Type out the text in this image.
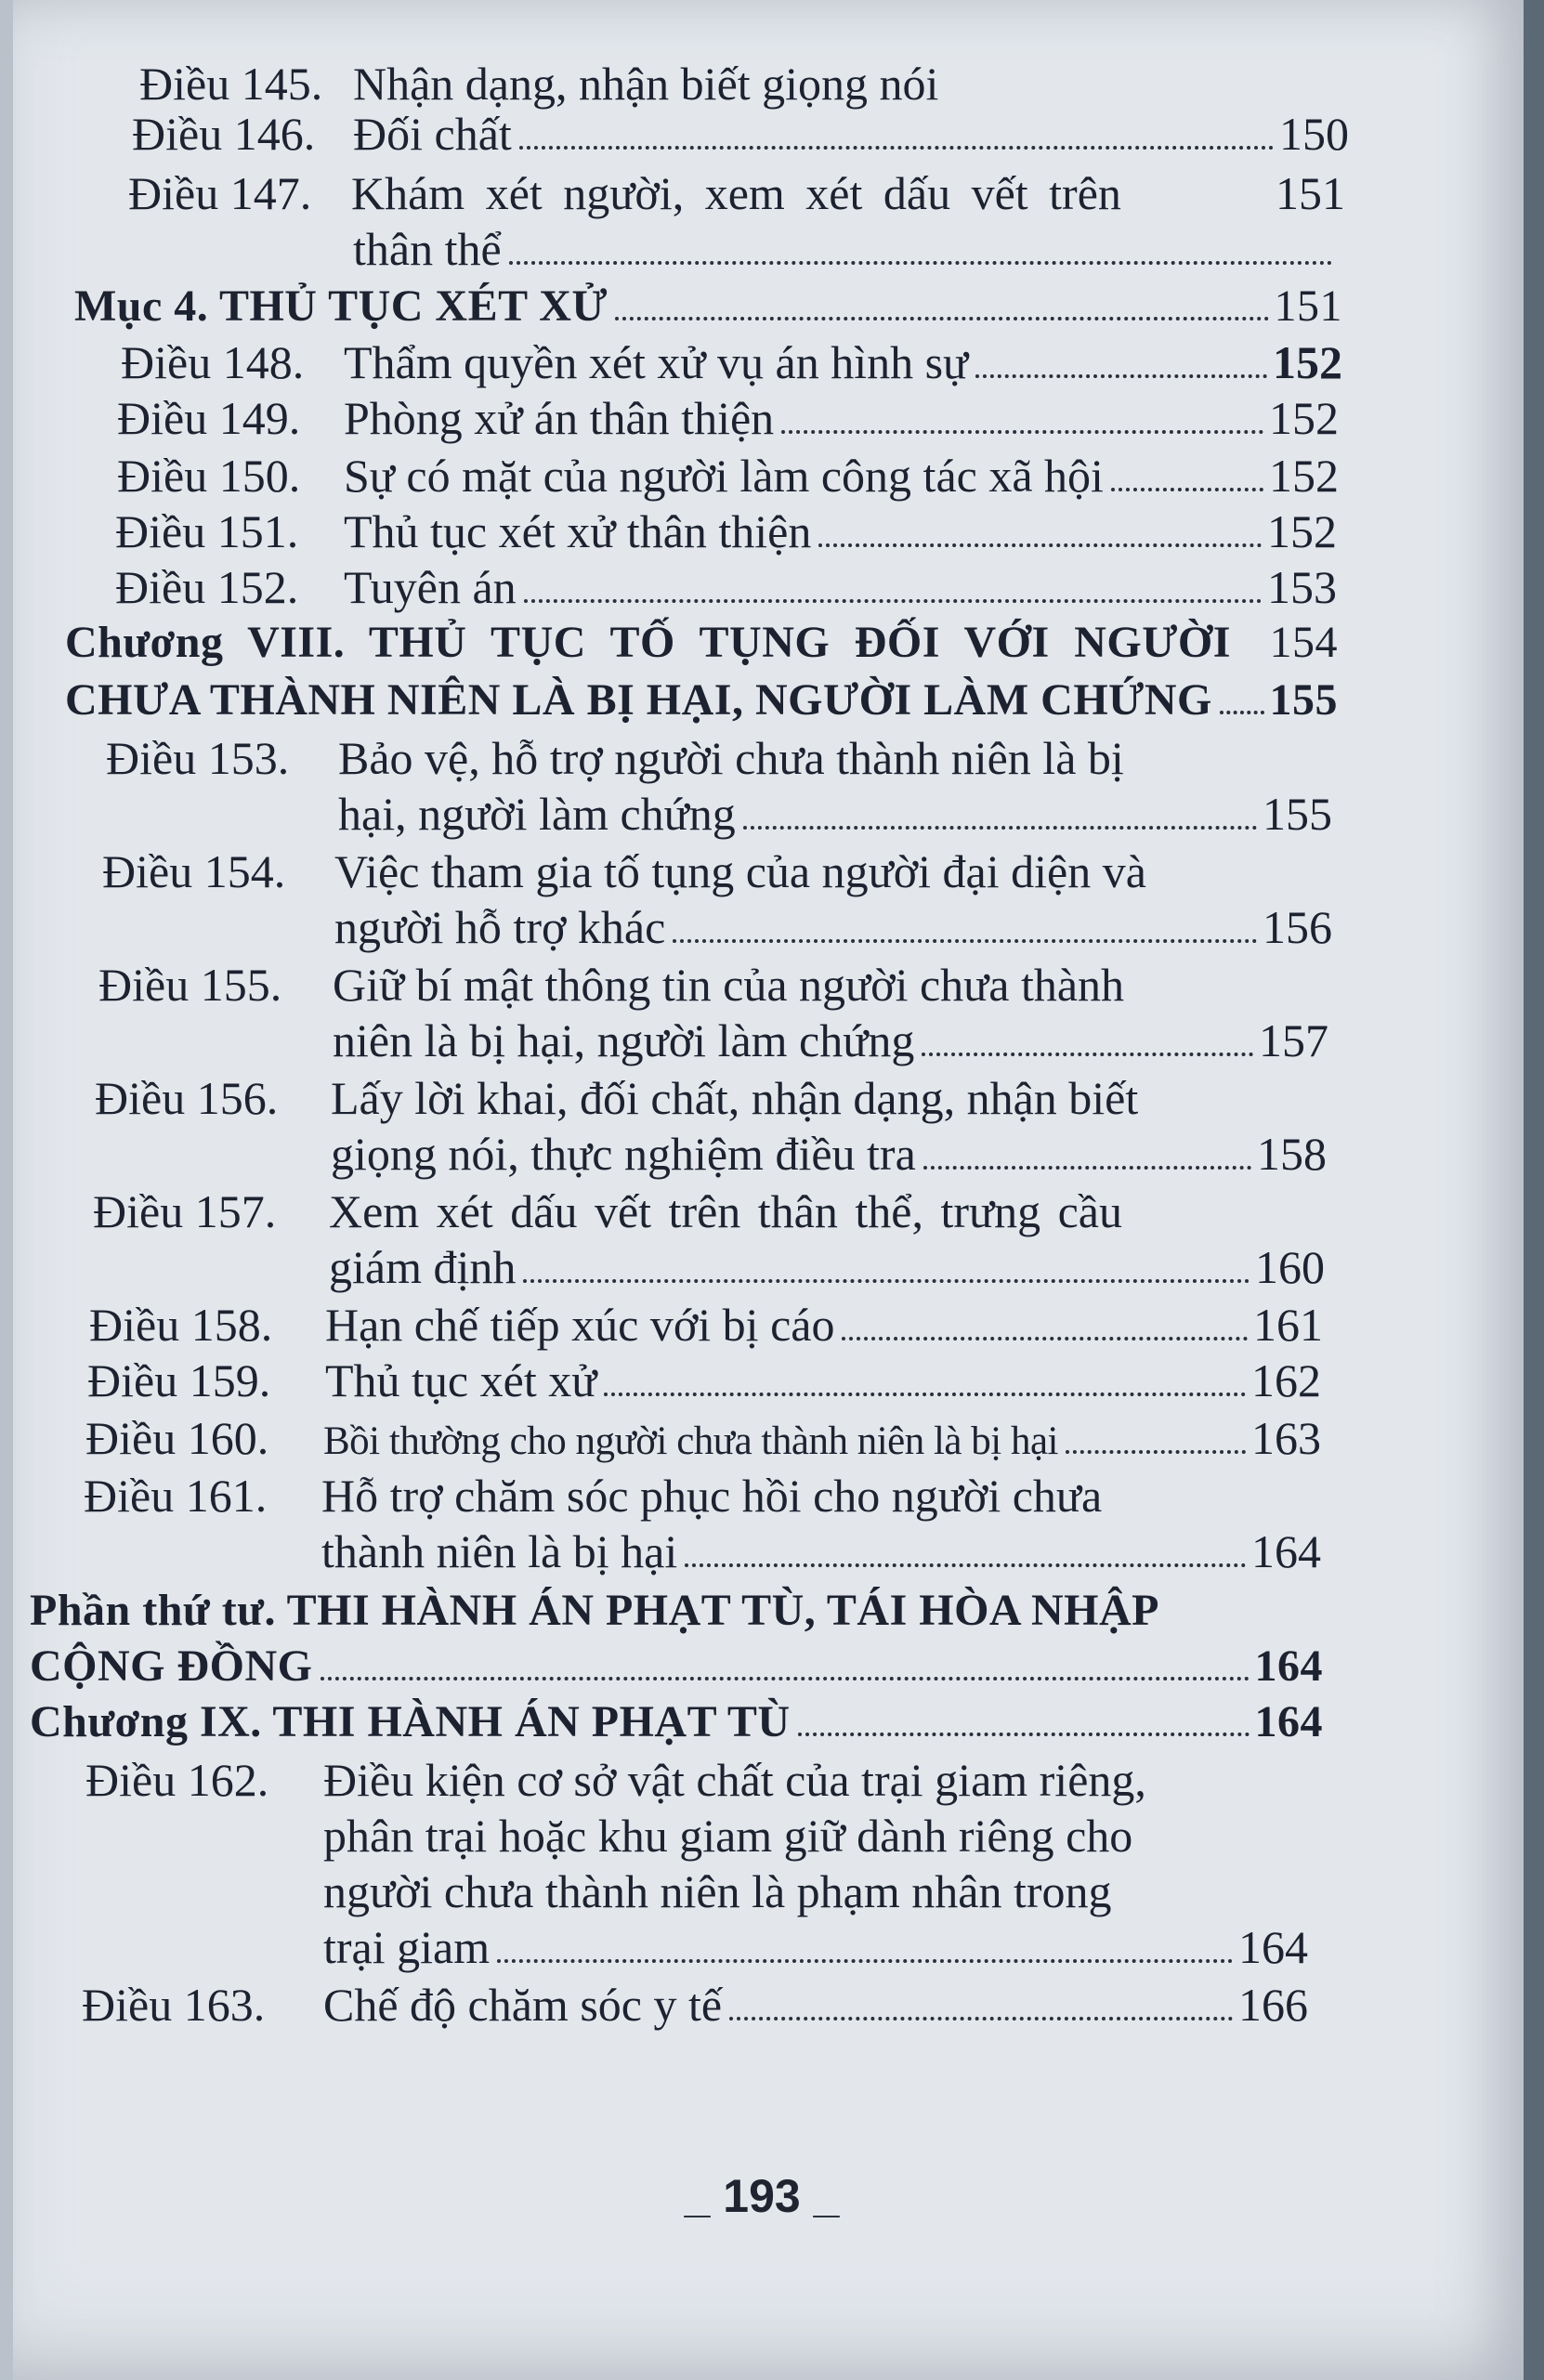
Điều 145. Nhận dạng, nhận biết giọng nói
Điều 146. Đối chất	150
Điều 147. Khám xét người, xem xét dấu vết trên	151
thân thể
Mục 4. THỦ TỤC XÉT XỬ	151
Điều 148. Thẩm quyền xét xử vụ án hình sự	152
Điều 149. Phòng xử án thân thiện	152
Điều 150. Sự có mặt của người làm công tác xã hội	152
Điều 151. Thủ tục xét xử thân thiện	152
Điều 152. Tuyên án	153
Chương VIII. THỦ TỤC TỐ TỤNG ĐỐI VỚI NGƯỜI 154
CHƯA THÀNH NIÊN LÀ BỊ HẠI, NGƯỜI LÀM CHỨNG 155
Điều 153.	Bảo vệ, hỗ trợ người chưa thành niên là bị
hại, người làm chứng	155
Điều 154.	Việc tham gia tố tụng của người đại diện và
người hỗ trợ khác	156
Điều 155.	Giữ bí mật thông tin của người chưa thành
niên là bị hại, người làm chứng	157
Điều 156.	Lấy lời khai, đối chất, nhận dạng, nhận biết
giọng nói, thực nghiệm điều tra	158
Điều 157.	Xem xét dấu vết trên thân thể, trưng cầu
giám định	160
Điều 158.	Hạn chế tiếp xúc với bị cáo	161
Điều 159.	Thủ tục xét xử	162
Điều 160.	Bồi thường cho người chưa thành niên là bị hại	163
Điều 161.	Hỗ trợ chăm sóc phục hồi cho người chưa
thành niên là bị hại	164
Phần thứ tư. THI HÀNH ÁN PHẠT TÙ, TÁI HÒA NHẬP
CỘNG ĐỒNG	164
Chương IX. THI HÀNH ÁN PHẠT TÙ	164
Điều 162.	Điều kiện cơ sở vật chất của trại giam riêng,
phân trại hoặc khu giam giữ dành riêng cho
người chưa thành niên là phạm nhân trong
trại giam	164
Điều 163.	Chế độ chăm sóc y tế	166
_ 193 _
